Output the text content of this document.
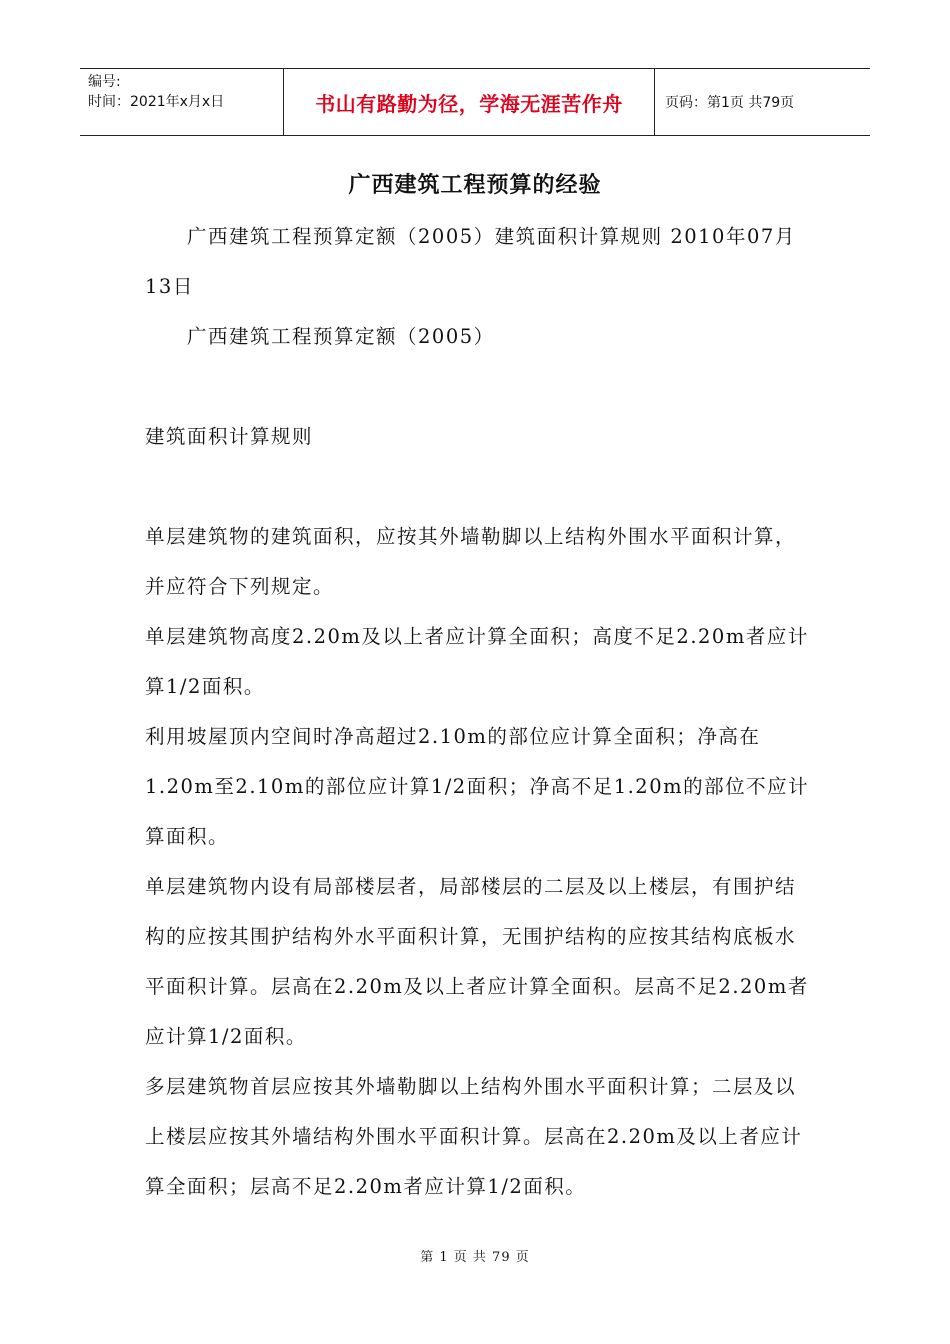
编号:
时间：2021年x月x日	书山有路勤为径，学海无涯苦作舟	页码：第1页 共79页
广西建筑工程预算的经验

广西建筑工程预算定额（2005）建筑面积计算规则 2010年07月13日

广西建筑工程预算定额（2005）

建筑面积计算规则

单层建筑物的建筑面积，应按其外墙勒脚以上结构外围水平面积计算，并应符合下列规定。

单层建筑物高度2.20m及以上者应计算全面积；高度不足2.20m者应计算1/2面积。

利用坡屋顶内空间时净高超过2.10m的部位应计算全面积；净高在1.20m至2.10m的部位应计算1/2面积；净高不足1.20m的部位不应计算面积。

单层建筑物内设有局部楼层者，局部楼层的二层及以上楼层，有围护结构的应按其围护结构外水平面积计算，无围护结构的应按其结构底板水平面积计算。层高在2.20m及以上者应计算全面积。层高不足2.20m者应计算1/2面积。

多层建筑物首层应按其外墙勒脚以上结构外围水平面积计算；二层及以上楼层应按其外墙结构外围水平面积计算。层高在2.20m及以上者应计算全面积；层高不足2.20m者应计算1/2面积。

第 1 页 共 79 页
